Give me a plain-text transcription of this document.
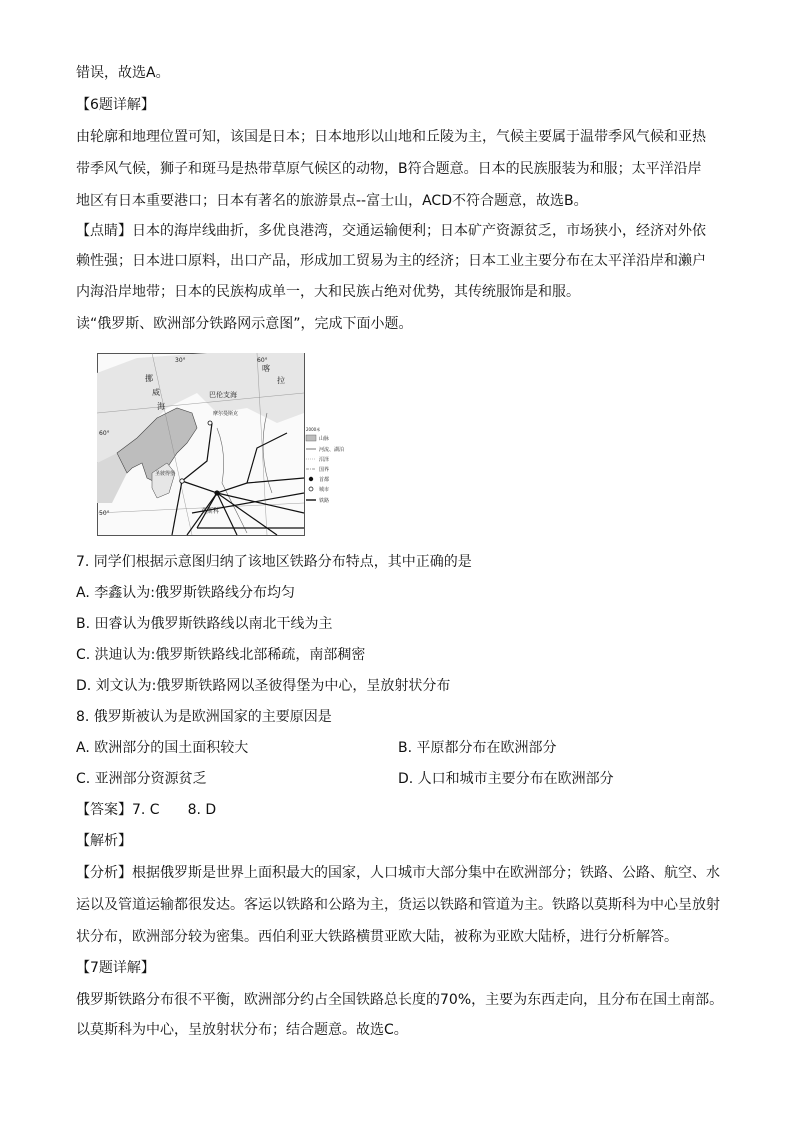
错误，故选A。
【6题详解】
由轮廓和地理位置可知，该国是日本；日本地形以山地和丘陵为主，气候主要属于温带季风气候和亚热
带季风气候，狮子和斑马是热带草原气候区的动物，B符合题意。日本的民族服装为和服；太平洋沿岸
地区有日本重要港口；日本有著名的旅游景点--富士山，ACD不符合题意，故选B。
【点睛】日本的海岸线曲折，多优良港湾，交通运输便利；日本矿产资源贫乏，市场狭小，经济对外依
赖性强；日本进口原料，出口产品，形成加工贸易为主的经济；日本工业主要分布在太平洋沿岸和濑户
内海沿岸地带；日本的民族构成单一，大和民族占绝对优势，其传统服饰是和服。
读“俄罗斯、欧洲部分铁路网示意图”，完成下面小题。
60°
50°
30°	60°
挪
威
海
巴伦支海
喀
拉
摩尔曼斯克
圣彼得堡
莫斯科
2000米
山脉
河流、湖泊
沼泽
国界
首都
城市
铁路
7. 同学们根据示意图归纳了该地区铁路分布特点，其中正确的是
A. 李鑫认为:俄罗斯铁路线分布均匀
B. 田睿认为俄罗斯铁路线以南北干线为主
C. 洪迪认为:俄罗斯铁路线北部稀疏，南部稠密
D. 刘文认为:俄罗斯铁路网以圣彼得堡为中心，呈放射状分布
8. 俄罗斯被认为是欧洲国家的主要原因是
A. 欧洲部分的国土面积较大	B. 平原都分布在欧洲部分
C. 亚洲部分资源贫乏	D. 人口和城市主要分布在欧洲部分
【答案】7. C 8. D
【解析】
【分析】根据俄罗斯是世界上面积最大的国家，人口城市大部分集中在欧洲部分；铁路、公路、航空、水
运以及管道运输都很发达。客运以铁路和公路为主，货运以铁路和管道为主。铁路以莫斯科为中心呈放射
状分布，欧洲部分较为密集。西伯利亚大铁路横贯亚欧大陆，被称为亚欧大陆桥，进行分析解答。
【7题详解】
俄罗斯铁路分布很不平衡，欧洲部分约占全国铁路总长度的70%，主要为东西走向，且分布在国土南部。
以莫斯科为中心，呈放射状分布；结合题意。故选C。
